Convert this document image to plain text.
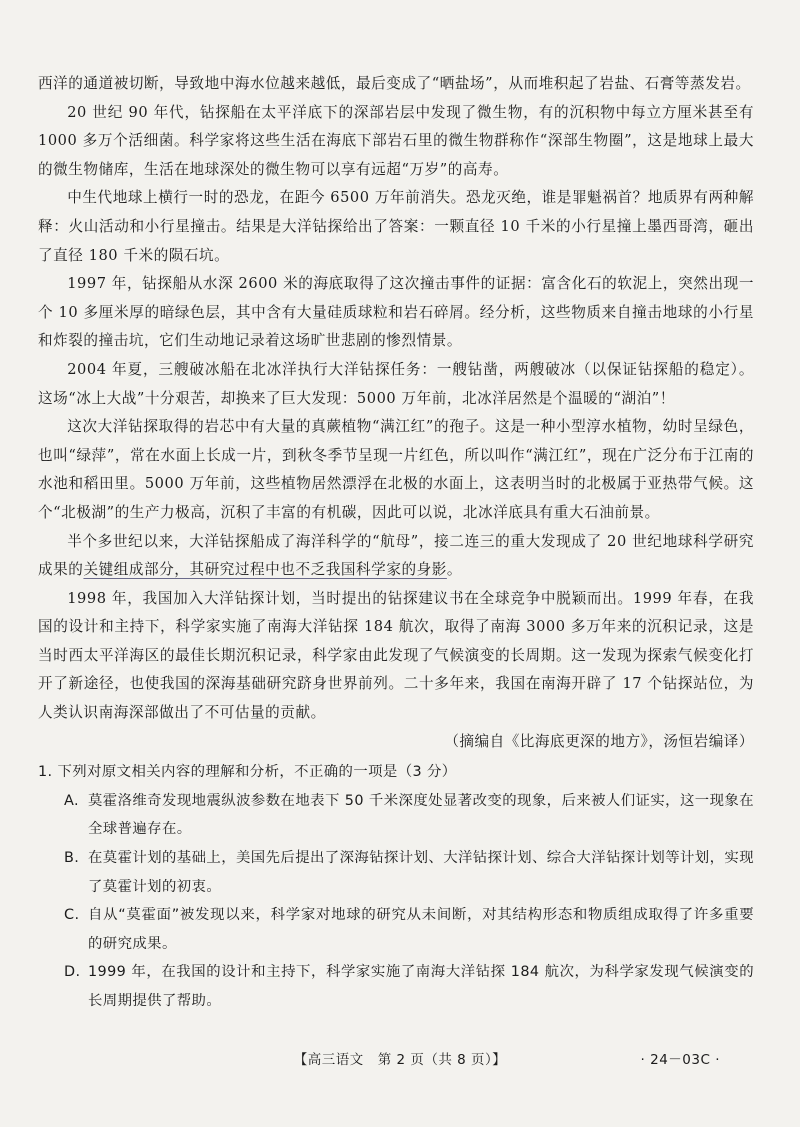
西洋的通道被切断，导致地中海水位越来越低，最后变成了“晒盐场”，从而堆积起了岩盐、石膏等蒸发岩。

20 世纪 90 年代，钻探船在太平洋底下的深部岩层中发现了微生物，有的沉积物中每立方厘米甚至有 1000 多万个活细菌。科学家将这些生活在海底下部岩石里的微生物群称作“深部生物圈”，这是地球上最大的微生物储库，生活在地球深处的微生物可以享有远超“万岁”的高寿。

中生代地球上横行一时的恐龙，在距今 6500 万年前消失。恐龙灭绝，谁是罪魁祸首？地质界有两种解释：火山活动和小行星撞击。结果是大洋钻探给出了答案：一颗直径 10 千米的小行星撞上墨西哥湾，砸出了直径 180 千米的陨石坑。

1997 年，钻探船从水深 2600 米的海底取得了这次撞击事件的证据：富含化石的软泥上，突然出现一个 10 多厘米厚的暗绿色层，其中含有大量硅质球粒和岩石碎屑。经分析，这些物质来自撞击地球的小行星和炸裂的撞击坑，它们生动地记录着这场旷世悲剧的惨烈情景。

2004 年夏，三艘破冰船在北冰洋执行大洋钻探任务：一艘钻凿，两艘破冰（以保证钻探船的稳定）。这场“冰上大战”十分艰苦，却换来了巨大发现：5000 万年前，北冰洋居然是个温暖的“湖泊”！

这次大洋钻探取得的岩芯中有大量的真蕨植物“满江红”的孢子。这是一种小型淳水植物，幼时呈绿色，也叫“绿萍”，常在水面上长成一片，到秋冬季节呈现一片红色，所以叫作“满江红”，现在广泛分布于江南的水池和稻田里。5000 万年前，这些植物居然漂浮在北极的水面上，这表明当时的北极属于亚热带气候。这个“北极湖”的生产力极高，沉积了丰富的有机碳，因此可以说，北冰洋底具有重大石油前景。

半个多世纪以来，大洋钻探船成了海洋科学的“航母”，接二连三的重大发现成了 20 世纪地球科学研究成果的关键组成部分，其研究过程中也不乏我国科学家的身影。

1998 年，我国加入大洋钻探计划，当时提出的钻探建议书在全球竞争中脱颖而出。1999 年春，在我国的设计和主持下，科学家实施了南海大洋钻探 184 航次，取得了南海 3000 多万年来的沉积记录，这是当时西太平洋海区的最佳长期沉积记录，科学家由此发现了气候演变的长周期。这一发现为探索气候变化打开了新途径，也使我国的深海基础研究跻身世界前列。二十多年来，我国在南海开辟了 17 个钻探站位，为人类认识南海深部做出了不可估量的贡献。

（摘编自《比海底更深的地方》，汤恒岩编译）

1. 下列对原文相关内容的理解和分析，不正确的一项是（3 分）

A. 莫霍洛维奇发现地震纵波参数在地表下 50 千米深度处显著改变的现象，后来被人们证实，这一现象在全球普遍存在。
B. 在莫霍计划的基础上，美国先后提出了深海钻探计划、大洋钻探计划、综合大洋钻探计划等计划，实现了莫霍计划的初衷。
C. 自从“莫霍面”被发现以来，科学家对地球的研究从未间断，对其结构形态和物质组成取得了许多重要的研究成果。
D. 1999 年，在我国的设计和主持下，科学家实施了南海大洋钻探 184 航次，为科学家发现气候演变的长周期提供了帮助。
【高三语文　第 2 页（共 8 页）】	· 24－03C ·
